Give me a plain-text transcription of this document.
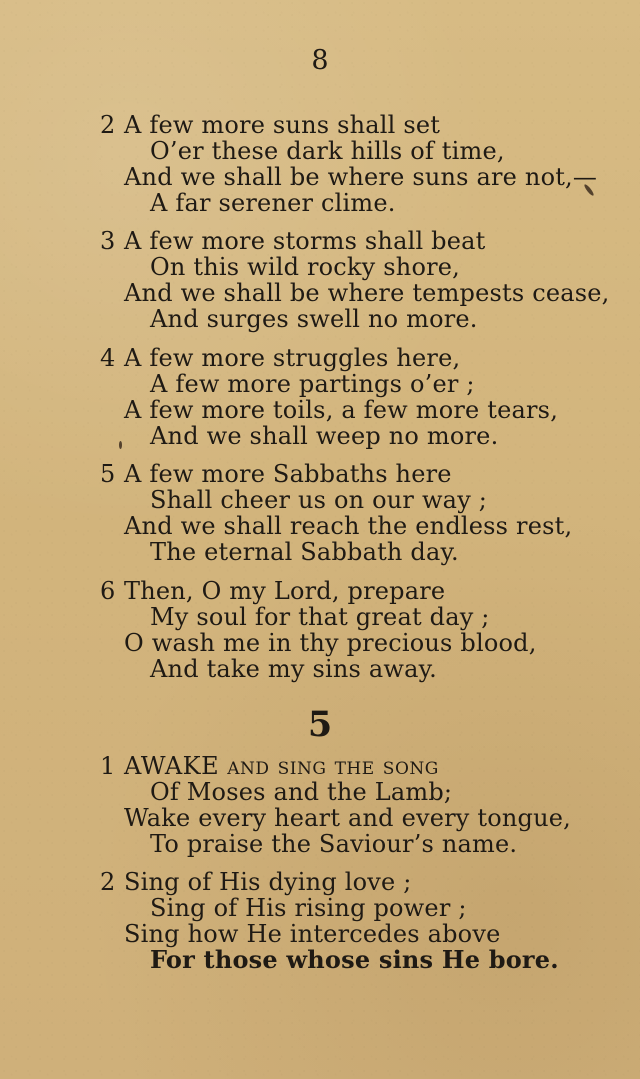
8
2 A few more suns shall set
O’er these dark hills of time,
And we shall be where suns are not,—
A far serener clime.
3 A few more storms shall beat
On this wild rocky shore,
And we shall be where tempests cease,
And surges swell no more.
4 A few more struggles here,
A few more partings o’er ;
A few more toils, a few more tears,
And we shall weep no more.
5 A few more Sabbaths here
Shall cheer us on our way ;
And we shall reach the endless rest,
The eternal Sabbath day.
6 Then, O my Lord, prepare
My soul for that great day ;
O wash me in thy precious blood,
And take my sins away.
5
1 AWAKE and sing the song
Of Moses and the Lamb;
Wake every heart and every tongue,
To praise the Saviour’s name.
2 Sing of His dying love ;
Sing of His rising power ;
Sing how He intercedes above
For those whose sins He bore.
